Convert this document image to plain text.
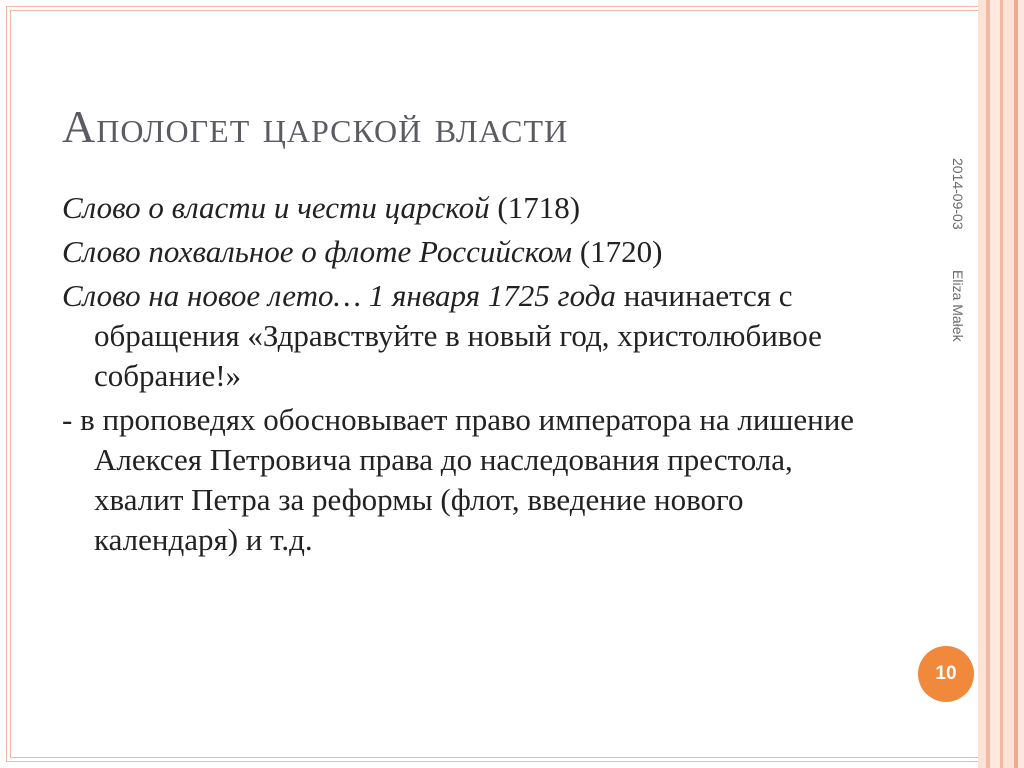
Апологет царской власти

Слово о власти и чести царской (1718)

Слово похвальное о флоте Российском (1720)

Слово на новое лето… 1 января 1725 года начинается с обращения «Здравствуйте в новый год, христолюбивое собрание!»

- в проповедях обосновывает право императора на лишение Алексея Петровича права до наследования престола, хвалит Петра за реформы (флот, введение нового календаря) и т.д.

2014-09-03
Eliza Małek
10
